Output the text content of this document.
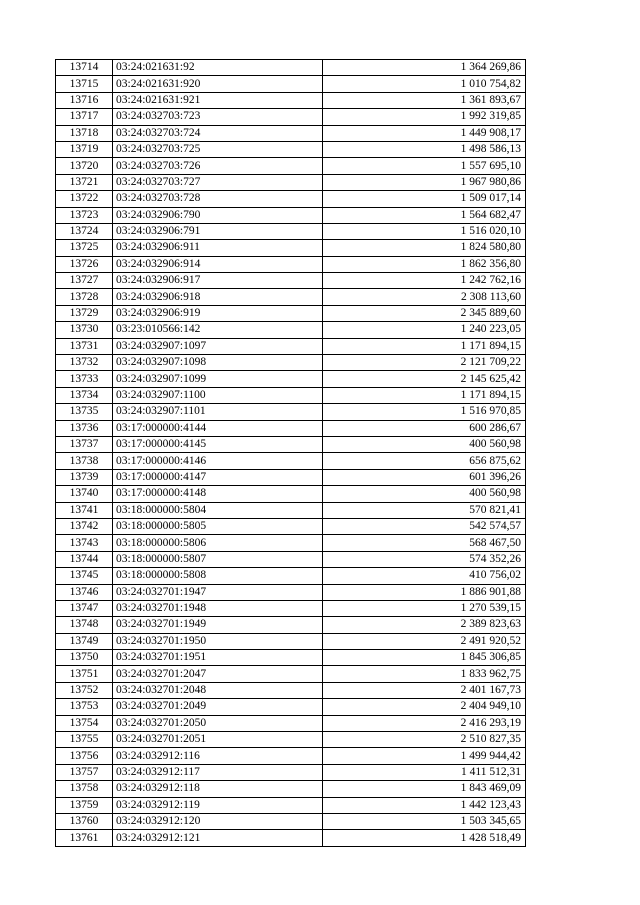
13714	03:24:021631:92	1 364 269,86
13715	03:24:021631:920	1 010 754,82
13716	03:24:021631:921	1 361 893,67
13717	03:24:032703:723	1 992 319,85
13718	03:24:032703:724	1 449 908,17
13719	03:24:032703:725	1 498 586,13
13720	03:24:032703:726	1 557 695,10
13721	03:24:032703:727	1 967 980,86
13722	03:24:032703:728	1 509 017,14
13723	03:24:032906:790	1 564 682,47
13724	03:24:032906:791	1 516 020,10
13725	03:24:032906:911	1 824 580,80
13726	03:24:032906:914	1 862 356,80
13727	03:24:032906:917	1 242 762,16
13728	03:24:032906:918	2 308 113,60
13729	03:24:032906:919	2 345 889,60
13730	03:23:010566:142	1 240 223,05
13731	03:24:032907:1097	1 171 894,15
13732	03:24:032907:1098	2 121 709,22
13733	03:24:032907:1099	2 145 625,42
13734	03:24:032907:1100	1 171 894,15
13735	03:24:032907:1101	1 516 970,85
13736	03:17:000000:4144	600 286,67
13737	03:17:000000:4145	400 560,98
13738	03:17:000000:4146	656 875,62
13739	03:17:000000:4147	601 396,26
13740	03:17:000000:4148	400 560,98
13741	03:18:000000:5804	570 821,41
13742	03:18:000000:5805	542 574,57
13743	03:18:000000:5806	568 467,50
13744	03:18:000000:5807	574 352,26
13745	03:18:000000:5808	410 756,02
13746	03:24:032701:1947	1 886 901,88
13747	03:24:032701:1948	1 270 539,15
13748	03:24:032701:1949	2 389 823,63
13749	03:24:032701:1950	2 491 920,52
13750	03:24:032701:1951	1 845 306,85
13751	03:24:032701:2047	1 833 962,75
13752	03:24:032701:2048	2 401 167,73
13753	03:24:032701:2049	2 404 949,10
13754	03:24:032701:2050	2 416 293,19
13755	03:24:032701:2051	2 510 827,35
13756	03:24:032912:116	1 499 944,42
13757	03:24:032912:117	1 411 512,31
13758	03:24:032912:118	1 843 469,09
13759	03:24:032912:119	1 442 123,43
13760	03:24:032912:120	1 503 345,65
13761	03:24:032912:121	1 428 518,49
